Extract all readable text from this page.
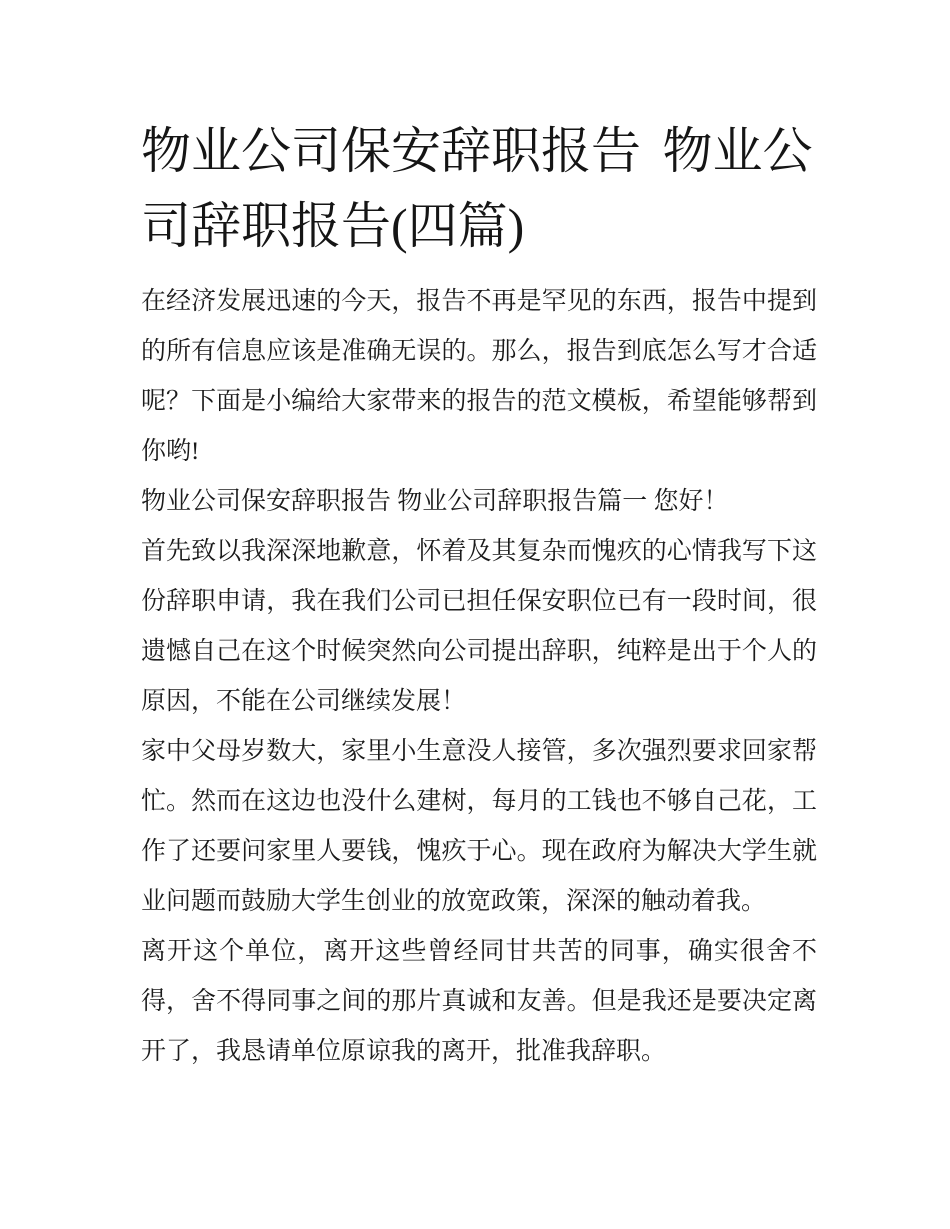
物业公司保安辞职报告 物业公司辞职报告(四篇)

在经济发展迅速的今天，报告不再是罕见的东西，报告中提到的所有信息应该是准确无误的。那么，报告到底怎么写才合适呢？下面是小编给大家带来的报告的范文模板，希望能够帮到你哟!

物业公司保安辞职报告 物业公司辞职报告篇一 您好！

首先致以我深深地歉意，怀着及其复杂而愧疚的心情我写下这份辞职申请，我在我们公司已担任保安职位已有一段时间，很遗憾自己在这个时候突然向公司提出辞职，纯粹是出于个人的原因，不能在公司继续发展！

家中父母岁数大，家里小生意没人接管，多次强烈要求回家帮忙。然而在这边也没什么建树，每月的工钱也不够自己花，工作了还要问家里人要钱，愧疚于心。现在政府为解决大学生就业问题而鼓励大学生创业的放宽政策，深深的触动着我。

离开这个单位，离开这些曾经同甘共苦的同事，确实很舍不得，舍不得同事之间的那片真诚和友善。但是我还是要决定离开了，我恳请单位原谅我的离开，批准我辞职。
